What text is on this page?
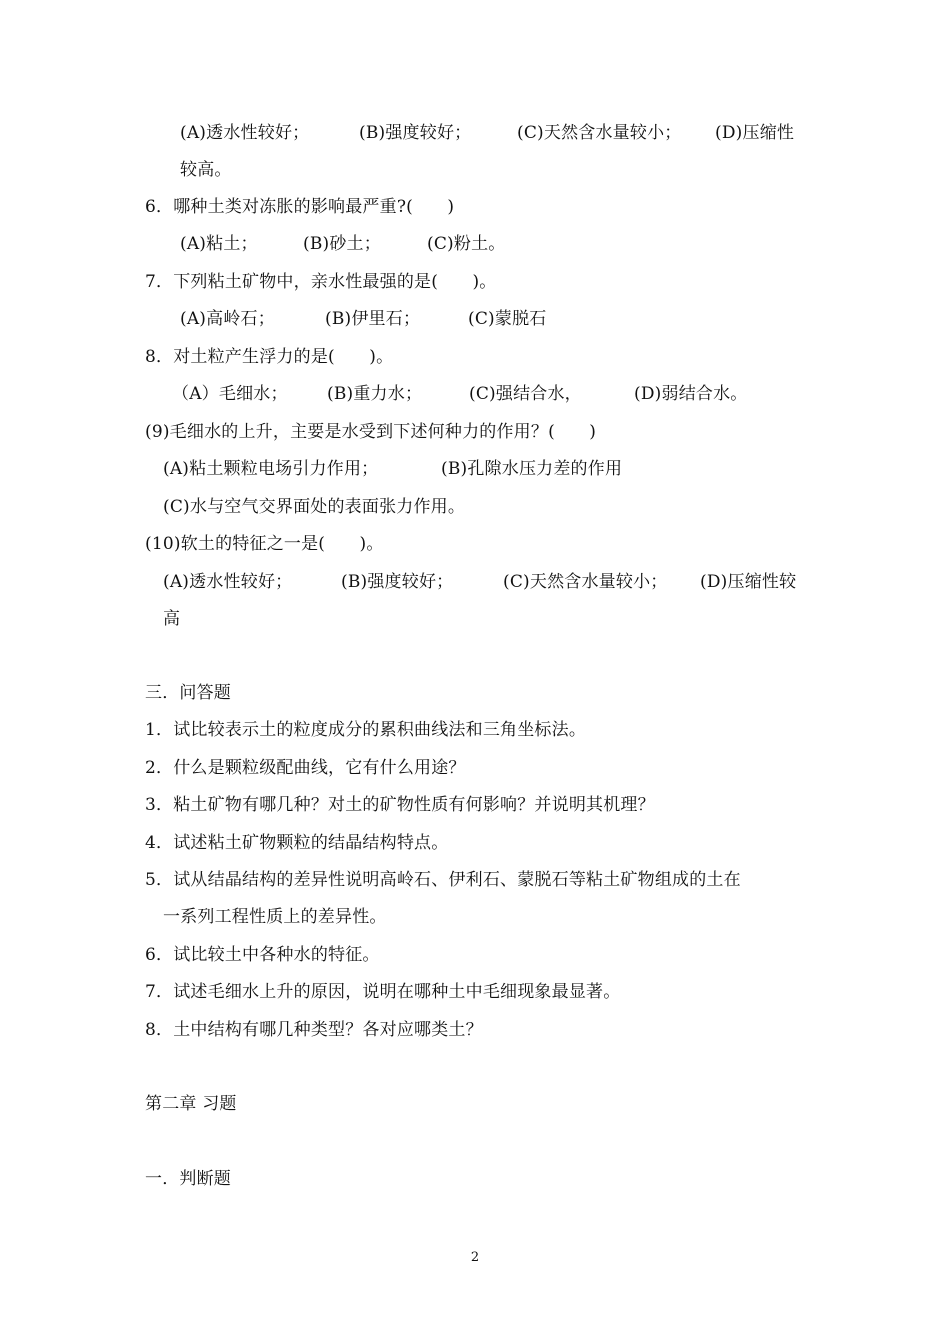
(A)透水性较好；	(B)强度较好；	(C)天然含水量较小； (D)压缩性
较高。
6．哪种土类对冻胀的影响最严重?(　　)
(A)粘土；	(B)砂土；	(C)粉土。
7．下列粘土矿物中，亲水性最强的是(　　)。
(A)高岭石；	(B)伊里石；	(C)蒙脱石
8．对土粒产生浮力的是(　　)。
（A）毛细水； (B)重力水；	(C)强结合水，	(D)弱结合水。
(9)毛细水的上升，主要是水受到下述何种力的作用？(　　)
(A)粘土颗粒电场引力作用；	(B)孔隙水压力差的作用
(C)水与空气交界面处的表面张力作用。
(10)软土的特征之一是(　　)。
(A)透水性较好；	(B)强度较好；	(C)天然含水量较小； (D)压缩性较
高
三．问答题
1．试比较表示土的粒度成分的累积曲线法和三角坐标法。
2．什么是颗粒级配曲线，它有什么用途？
3．粘土矿物有哪几种？对土的矿物性质有何影响？并说明其机理？
4．试述粘土矿物颗粒的结晶结构特点。
5．试从结晶结构的差异性说明高岭石、伊利石、蒙脱石等粘土矿物组成的土在
一系列工程性质上的差异性。
6．试比较土中各种水的特征。
7．试述毛细水上升的原因，说明在哪种土中毛细现象最显著。
8．土中结构有哪几种类型？各对应哪类土？
第二章 习题
一．判断题
2
